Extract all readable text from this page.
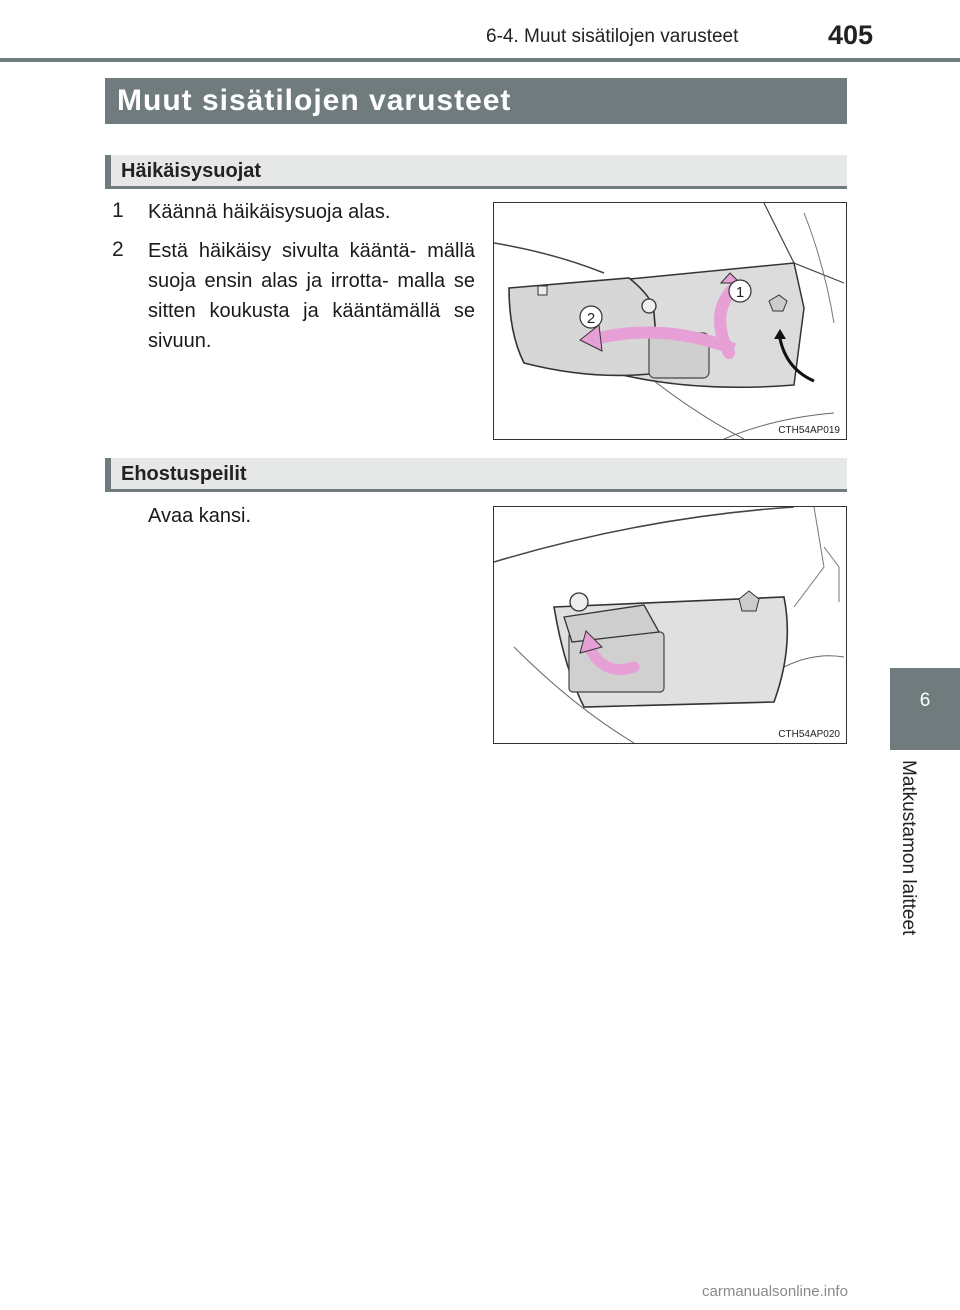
6-4. Muut sisätilojen varusteet	405
Muut sisätilojen varusteet
Häikäisysuojat
1	Käännä häikäisysuoja alas.
2	Estä häikäisy sivulta kääntä- mällä suoja ensin alas ja irrotta- malla se sitten koukusta ja kääntämällä se sivuun.
1
2
CTH54AP019
Ehostuspeilit
Avaa kansi.
CTH54AP020
6
Matkustamon laitteet
carmanualsonline.info
